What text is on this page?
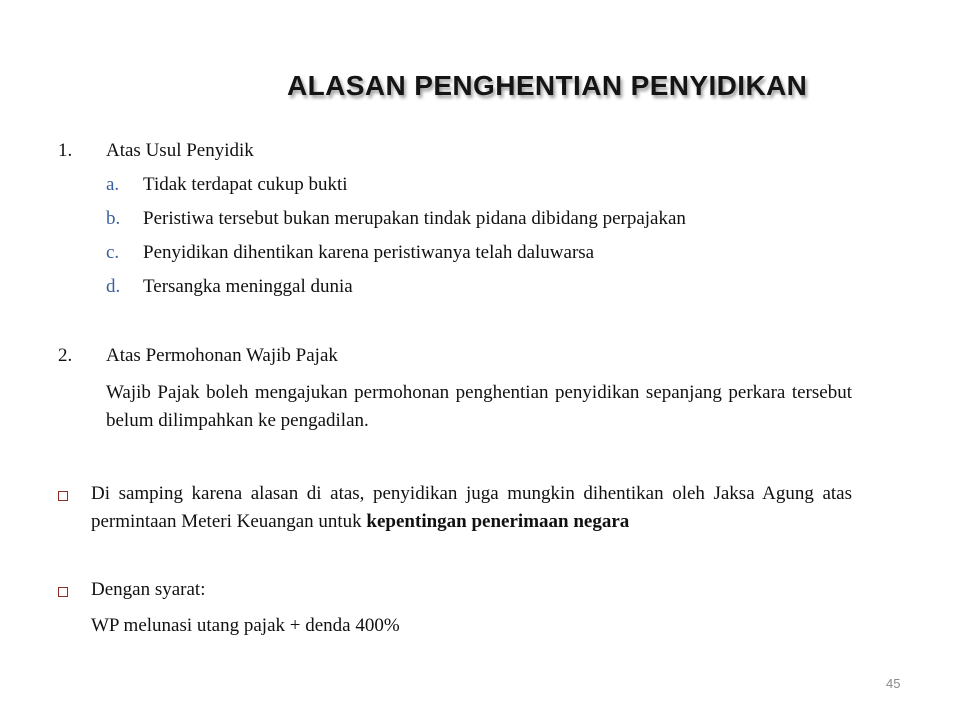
ALASAN PENGHENTIAN PENYIDIKAN
1. Atas Usul Penyidik
a. Tidak terdapat cukup bukti
b. Peristiwa tersebut bukan merupakan tindak pidana dibidang perpajakan
c. Penyidikan dihentikan karena peristiwanya telah daluwarsa
d. Tersangka meninggal dunia
2. Atas Permohonan Wajib Pajak
Wajib Pajak boleh mengajukan permohonan penghentian penyidikan sepanjang perkara tersebut belum dilimpahkan ke pengadilan.
Di samping karena alasan di atas, penyidikan juga mungkin dihentikan oleh Jaksa Agung atas permintaan Meteri Keuangan untuk kepentingan penerimaan negara
Dengan syarat:
WP melunasi utang pajak + denda 400%
45
